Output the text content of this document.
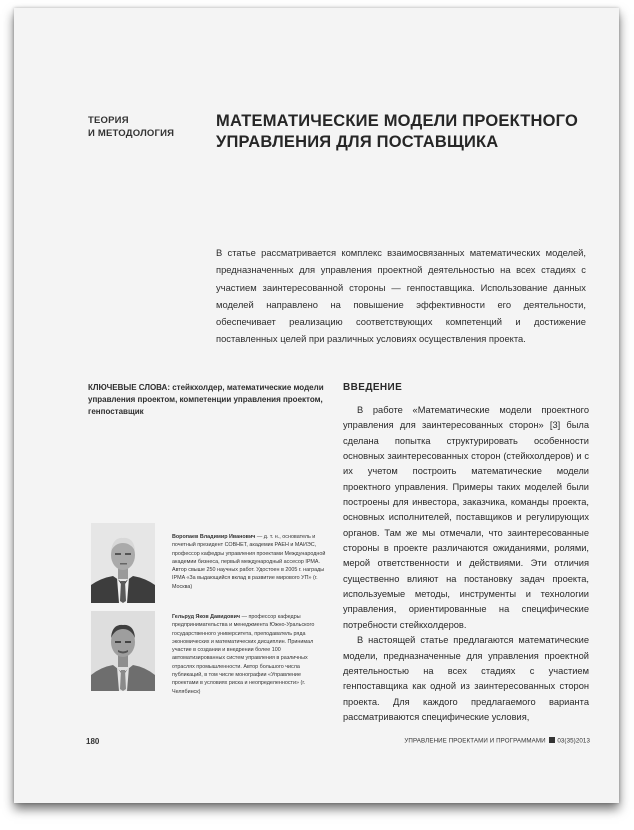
ТЕОРИЯ
И МЕТОДОЛОГИЯ
МАТЕМАТИЧЕСКИЕ МОДЕЛИ ПРОЕКТНОГО
УПРАВЛЕНИЯ ДЛЯ ПОСТАВЩИКА
В статье рассматривается комплекс взаимосвязанных математических моделей, предназначенных для управления проектной деятельностью на всех стадиях с участием заинтересованной стороны — генпоставщика. Использование данных моделей направлено на повышение эффективности его деятельности, обеспечивает реализацию соответствующих компетенций и достижение поставленных целей при различных условиях осуществления проекта.
КЛЮЧЕВЫЕ СЛОВА: стейкхолдер, математические модели управления проектом, компетенции управления проектом, генпоставщик
ВВЕДЕНИЕ

В работе «Математические модели проектного управления для заинтересованных сторон» [3] была сделана попытка структурировать особенности основных заинтересованных сторон (стейкхолдеров) и с их учетом построить математические модели проектного управления. Примеры таких моделей были построены для инвестора, заказчика, команды проекта, основных исполнителей, поставщиков и регулирующих органов. Там же мы отмечали, что заинтересованные стороны в проекте различаются ожиданиями, ролями, мерой ответственности и действиями. Эти отличия существенно влияют на постановку задач проекта, используемые методы, инструменты и технологии управления, ориентированные на специфические потребности стейкхолдеров.

В настоящей статье предлагаются математические модели, предназначенные для управления проектной деятельностью на всех стадиях с участием генпоставщика как одной из заинтересованных сторон проекта. Для каждого предлагаемого варианта рассматриваются специфические условия,

Воропаев Владимир Иванович — д. т. н., основатель и почетный президент СОВНЕТ, академик РАЕН и МАИЭС, профессор кафедры управления проектами Международной академии бизнеса, первый международный ассесор IPMA. Автор свыше 250 научных работ. Удостоен в 2005 г. награды IPMA «За выдающийся вклад в развитие мирового УП» (г. Москва)
Гельруд Яков Давидович — профессор кафедры предпринимательства и менеджмента Южно-Уральского государственного университета, преподаватель ряда экономических и математических дисциплин. Принимал участие в создании и внедрении более 100 автоматизированных систем управления в различных отраслях промышленности. Автор большого числа публикаций, в том числе монографии «Управление проектами в условиях риска и неопределенности» (г. Челябинск)
180	УПРАВЛЕНИЕ ПРОЕКТАМИ И ПРОГРАММАМИ 03(35)2013
